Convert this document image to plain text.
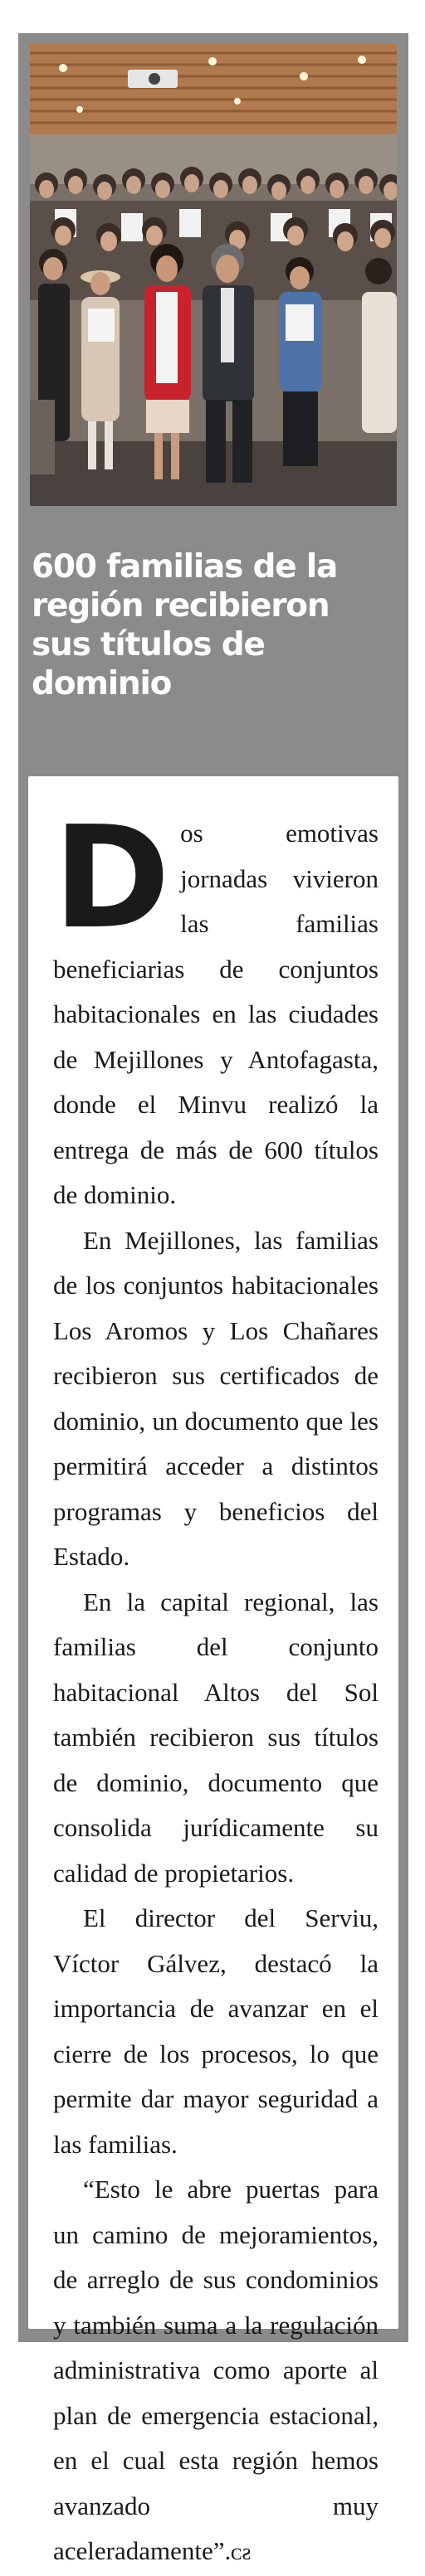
600 familias de la región recibieron sus títulos de dominio

Dos emotivas jornadas vivieron las familias beneficiarias de conjuntos habitacionales en las ciudades de Mejillones y Antofagasta, donde el Minvu realizó la entrega de más de 600 títulos de dominio.

En Mejillones, las familias de los conjuntos habitacionales Los Aromos y Los Chañares recibieron sus certificados de dominio, un documento que les permitirá acceder a distintos programas y beneficios del Estado.

En la capital regional, las familias del conjunto habitacional Altos del Sol también recibieron sus títulos de dominio, documento que consolida jurídicamente su calidad de propietarios.

El director del Serviu, Víctor Gálvez, destacó la importancia de avanzar en el cierre de los procesos, lo que permite dar mayor seguridad a las familias.

“Esto le abre puertas para un camino de mejoramientos, de arreglo de sus condominios y también suma a la regulación administrativa como aporte al plan de emergencia estacional, en el cual esta región hemos avanzado muy aceleradamente”.ᴄƨ
